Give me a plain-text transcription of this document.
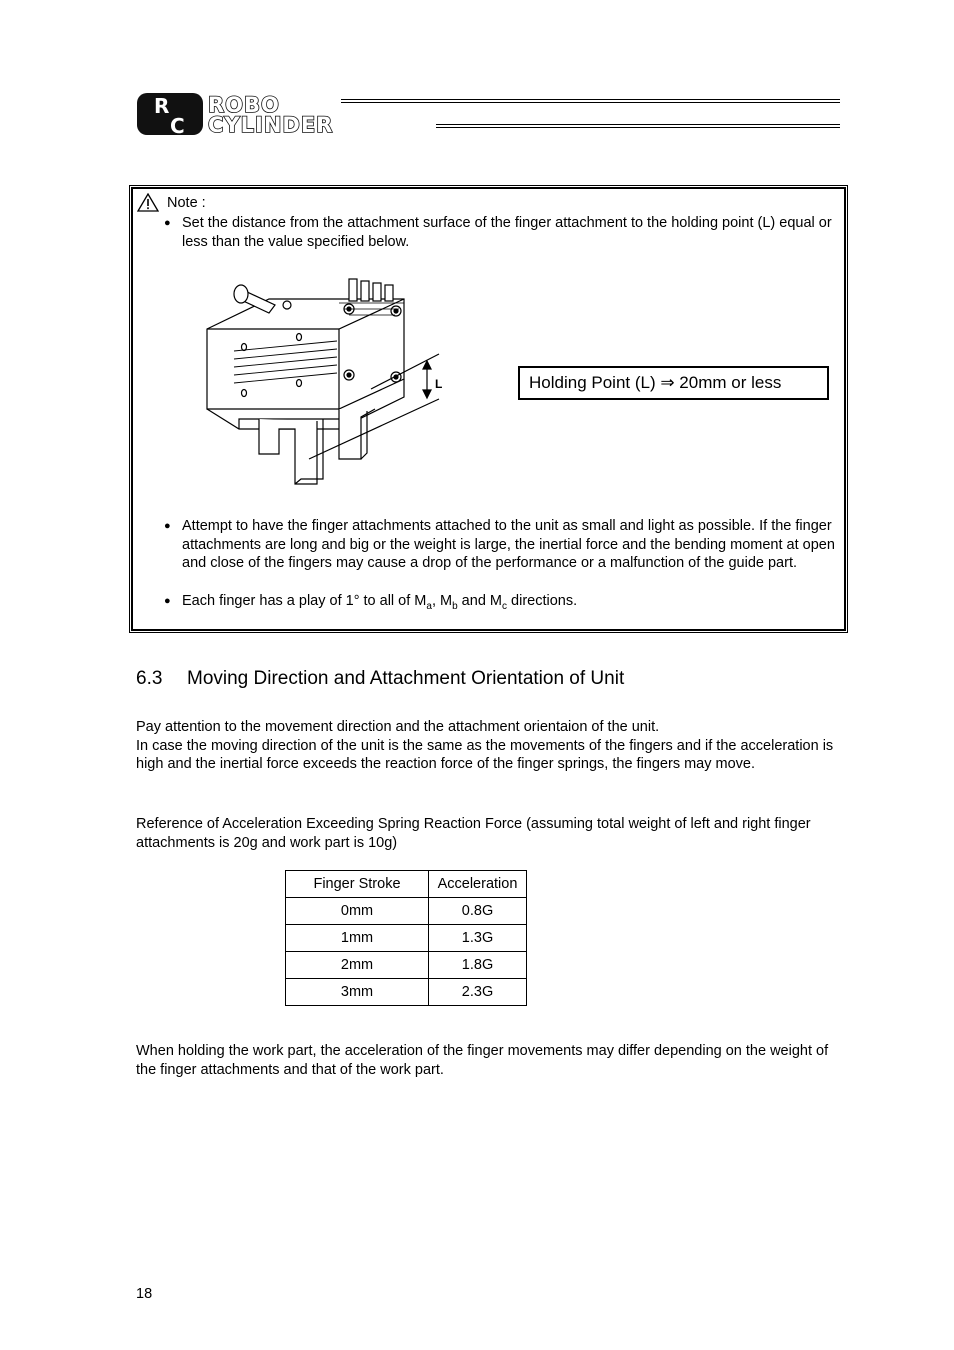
R
C
ROBO
CYLINDER
Note :
● Set the distance from the attachment surface of the finger attachment to the holding point (L) equal or less than the value specified below.
L	Holding Point (L) ⇒ 20mm or less
● Attempt to have the finger attachments attached to the unit as small and light as possible. If the finger attachments are long and big or the weight is large, the inertial force and the bending moment at open and close of the fingers may cause a drop of the performance or a malfunction of the guide part.
● Each finger has a play of 1° to all of $M_a$, $M_b$ and $M_c$ directions.
6.3 Moving Direction and Attachment Orientation of Unit
Pay attention to the movement direction and the attachment orientaion of the unit.
In case the moving direction of the unit is the same as the movements of the fingers and if the acceleration is high and the inertial force exceeds the reaction force of the finger springs, the fingers may move.
Reference of Acceleration Exceeding Spring Reaction Force (assuming total weight of left and right finger attachments is 20g and work part is 10g)
Finger Stroke	Acceleration
0mm	0.8G
1mm	1.3G
2mm	1.8G
3mm	2.3G
When holding the work part, the acceleration of the finger movements may differ depending on the weight of the finger attachments and that of the work part.
18
